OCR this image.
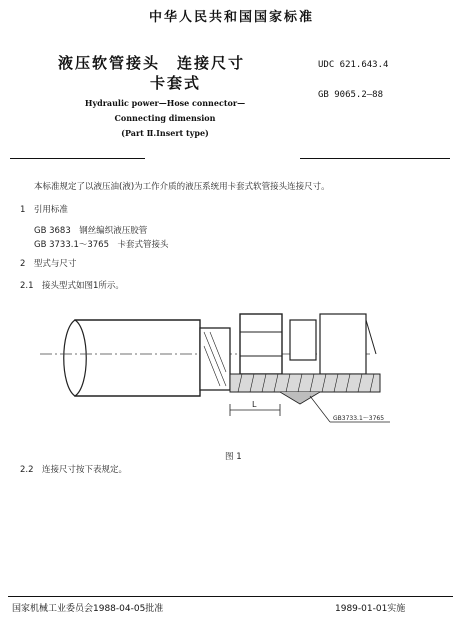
中华人民共和国国家标准
液压软管接头　连接尺寸
卡套式
UDC 621.643.4
GB 9065.2—88
Hydraulic power—Hose connector—
Connecting dimension
(Part Ⅱ.Insert type)
本标准规定了以液压油(液)为工作介质的液压系统用卡套式软管接头连接尺寸。
1　引用标准
GB 3683　钢丝编织液压胶管
GB 3733.1～3765　卡套式管接头
2　型式与尺寸
2.1　接头型式如图1所示。
L
GB3733.1～3765
图 1
2.2　连接尺寸按下表规定。
国家机械工业委员会1988-04-05批准	1989-01-01实施
